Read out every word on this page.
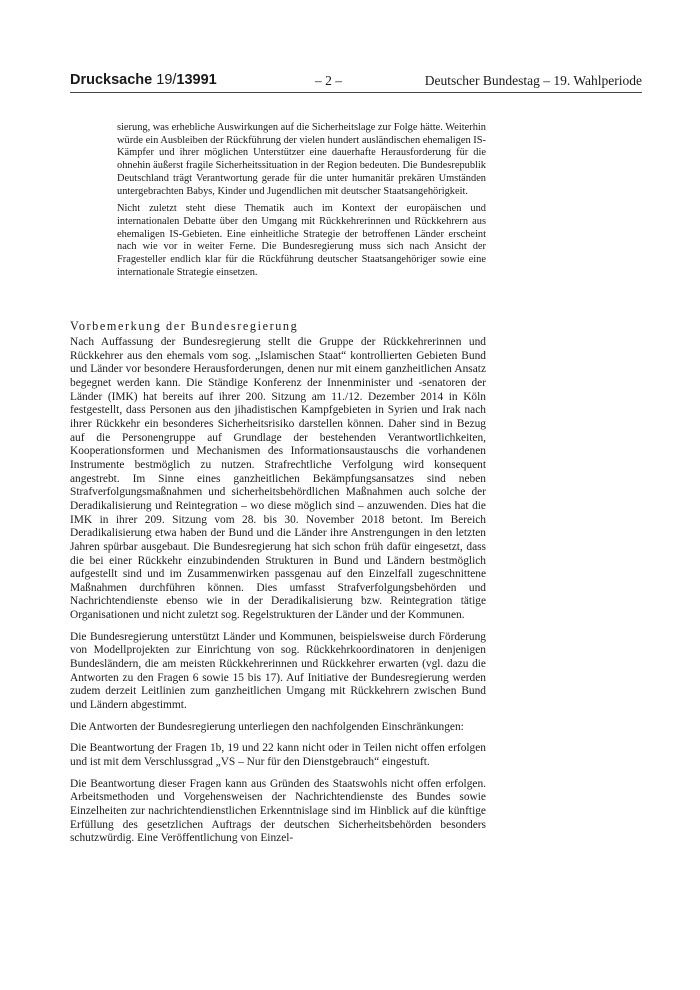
Drucksache 19/13991	– 2 –	Deutscher Bundestag – 19. Wahlperiode

sierung, was erhebliche Auswirkungen auf die Sicherheitslage zur Folge hätte. Weiterhin würde ein Ausbleiben der Rückführung der vielen hundert ausländischen ehemaligen IS-Kämpfer und ihrer möglichen Unterstützer eine dauerhafte Herausforderung für die ohnehin äußerst fragile Sicherheitssituation in der Region bedeuten. Die Bundesrepublik Deutschland trägt Verantwortung gerade für die unter humanitär prekären Umständen untergebrachten Babys, Kinder und Jugendlichen mit deutscher Staatsangehörigkeit.

Nicht zuletzt steht diese Thematik auch im Kontext der europäischen und internationalen Debatte über den Umgang mit Rückkehrerinnen und Rückkehrern aus ehemaligen IS-Gebieten. Eine einheitliche Strategie der betroffenen Länder erscheint nach wie vor in weiter Ferne. Die Bundesregierung muss sich nach Ansicht der Fragesteller endlich klar für die Rückführung deutscher Staatsangehöriger sowie eine internationale Strategie einsetzen.

Vorbemerkung der Bundesregierung

Nach Auffassung der Bundesregierung stellt die Gruppe der Rückkehrerinnen und Rückkehrer aus den ehemals vom sog. „Islamischen Staat“ kontrollierten Gebieten Bund und Länder vor besondere Herausforderungen, denen nur mit einem ganzheitlichen Ansatz begegnet werden kann. Die Ständige Konferenz der Innenminister und -senatoren der Länder (IMK) hat bereits auf ihrer 200. Sitzung am 11./12. Dezember 2014 in Köln festgestellt, dass Personen aus den jihadistischen Kampfgebieten in Syrien und Irak nach ihrer Rückkehr ein besonderes Sicherheitsrisiko darstellen können. Daher sind in Bezug auf die Personengruppe auf Grundlage der bestehenden Verantwortlichkeiten, Kooperationsformen und Mechanismen des Informationsaustauschs die vorhandenen Instrumente bestmöglich zu nutzen. Strafrechtliche Verfolgung wird konsequent angestrebt. Im Sinne eines ganzheitlichen Bekämpfungsansatzes sind neben Strafverfolgungsmaßnahmen und sicherheitsbehördlichen Maßnahmen auch solche der Deradikalisierung und Reintegration – wo diese möglich sind – anzuwenden. Dies hat die IMK in ihrer 209. Sitzung vom 28. bis 30. November 2018 betont. Im Bereich Deradikalisierung etwa haben der Bund und die Länder ihre Anstrengungen in den letzten Jahren spürbar ausgebaut. Die Bundesregierung hat sich schon früh dafür eingesetzt, dass die bei einer Rückkehr einzubindenden Strukturen in Bund und Ländern bestmöglich aufgestellt sind und im Zusammenwirken passgenau auf den Einzelfall zugeschnittene Maßnahmen durchführen können. Dies umfasst Strafverfolgungsbehörden und Nachrichtendienste ebenso wie in der Deradikalisierung bzw. Reintegration tätige Organisationen und nicht zuletzt sog. Regelstrukturen der Länder und der Kommunen.

Die Bundesregierung unterstützt Länder und Kommunen, beispielsweise durch Förderung von Modellprojekten zur Einrichtung von sog. Rückkehrkoordinatoren in denjenigen Bundesländern, die am meisten Rückkehrerinnen und Rückkehrer erwarten (vgl. dazu die Antworten zu den Fragen 6 sowie 15 bis 17). Auf Initiative der Bundesregierung werden zudem derzeit Leitlinien zum ganzheitlichen Umgang mit Rückkehrern zwischen Bund und Ländern abgestimmt.

Die Antworten der Bundesregierung unterliegen den nachfolgenden Einschränkungen:

Die Beantwortung der Fragen 1b, 19 und 22 kann nicht oder in Teilen nicht offen erfolgen und ist mit dem Verschlussgrad „VS – Nur für den Dienstgebrauch“ eingestuft.

Die Beantwortung dieser Fragen kann aus Gründen des Staatswohls nicht offen erfolgen. Arbeitsmethoden und Vorgehensweisen der Nachrichtendienste des Bundes sowie Einzelheiten zur nachrichtendienstlichen Erkenntnislage sind im Hinblick auf die künftige Erfüllung des gesetzlichen Auftrags der deutschen Sicherheitsbehörden besonders schutzwürdig. Eine Veröffentlichung von Einzel-
